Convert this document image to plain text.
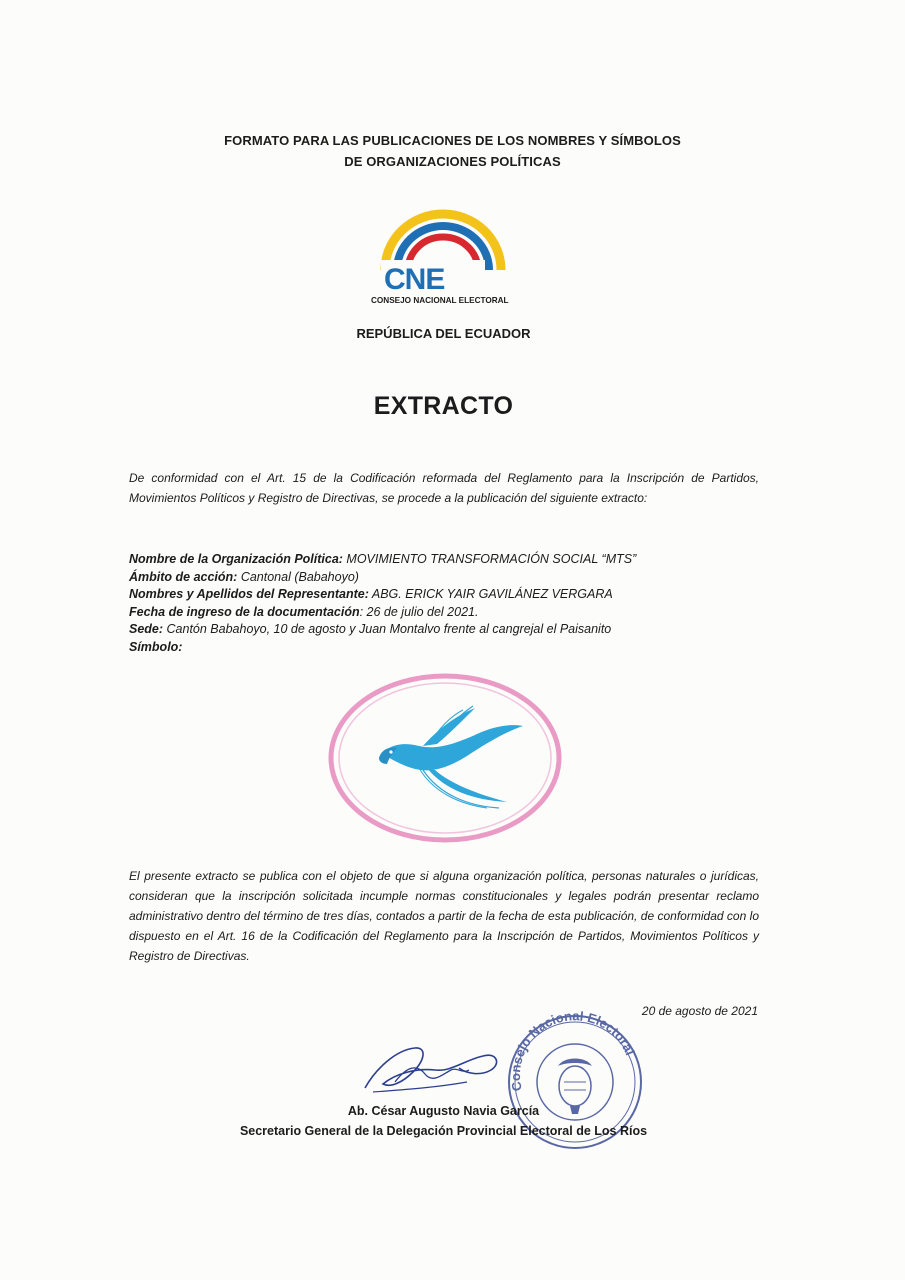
FORMATO PARA LAS PUBLICACIONES DE LOS NOMBRES Y SÍMBOLOS
DE ORGANIZACIONES POLÍTICAS
CNE
CONSEJO NACIONAL ELECTORAL
REPÚBLICA DEL ECUADOR
EXTRACTO
De conformidad con el Art. 15 de la Codificación reformada del Reglamento para la Inscripción de Partidos, Movimientos Políticos y Registro de Directivas, se procede a la publicación del siguiente extracto:
Nombre de la Organización Política: MOVIMIENTO TRANSFORMACIÓN SOCIAL “MTS”
Ámbito de acción: Cantonal (Babahoyo)
Nombres y Apellidos del Representante: ABG. ERICK YAIR GAVILÁNEZ VERGARA
Fecha de ingreso de la documentación: 26 de julio del 2021.
Sede: Cantón Babahoyo, 10 de agosto y Juan Montalvo frente al cangrejal el Paisanito
Símbolo:
El presente extracto se publica con el objeto de que si alguna organización política, personas naturales o jurídicas, consideran que la inscripción solicitada incumple normas constitucionales y legales podrán presentar reclamo administrativo dentro del término de tres días, contados a partir de la fecha de esta publicación, de conformidad con lo dispuesto en el Art. 16 de la Codificación del Reglamento para la Inscripción de Partidos, Movimientos Políticos y Registro de Directivas.
20 de agosto de 2021
Consejo Nacional Electoral
Ab. César Augusto Navia García
Secretario General de la Delegación Provincial Electoral de Los Ríos
